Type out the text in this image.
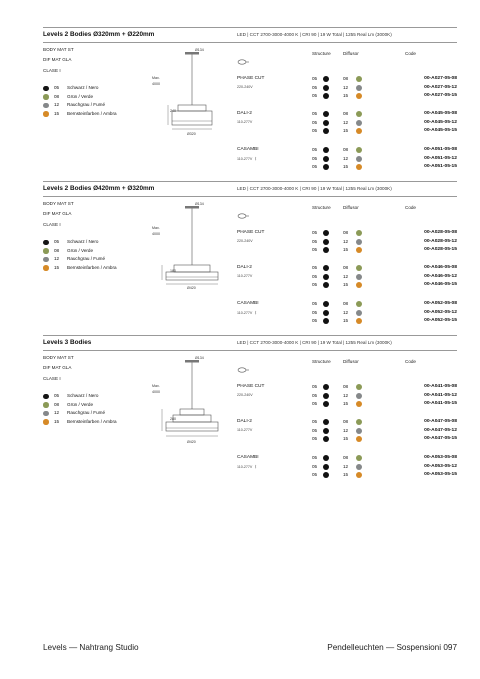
Levels 2 Bodies Ø320mm + Ø220mm	LED | CCT 2700-3000-4000 K | CRI 90 | 19 W Total | 1255 Real Lm (3000K)
BODY MAT ST
DIF MAT GLA
CLASE I
05 Schwarz / Nero
08 Grün / Verde
12 Rauchgrau / Fumé
15 Bernsteinfarben / Ambra
Ø134
Max.
4000
240
Ø320
Structure	Diffusor	Code
PHASE CUT
220-240V
05	08	00-A027-05-08
05	12	00-A027-05-12
05	15	00-A027-05-15
DALI-2
110-277V
05	08	00-A045-05-08
05	12	00-A045-05-12
05	15	00-A045-05-15
CASAMBI
110-277V ᛒ
05	08	00-A051-05-08
05	12	00-A051-05-12
05	15	00-A051-05-15
Levels 2 Bodies Ø420mm + Ø320mm	LED | CCT 2700-3000-4000 K | CRI 90 | 19 W Total | 1255 Real Lm (3000K)
BODY MAT ST
DIF MAT GLA
CLASE I
05 Schwarz / Nero
08 Grün / Verde
12 Rauchgrau / Fumé
15 Bernsteinfarben / Ambra
Ø134
Max.
4000
180
Ø420
Structure	Diffusor	Code
PHASE CUT
220-240V
05	08	00-A028-05-08
05	12	00-A028-05-12
05	15	00-A028-05-15
DALI-2
110-277V
05	08	00-A046-05-08
05	12	00-A046-05-12
05	15	00-A046-05-15
CASAMBI
110-277V ᛒ
05	08	00-A052-05-08
05	12	00-A052-05-12
05	15	00-A052-05-15
Levels 3 Bodies	LED | CCT 2700-3000-4000 K | CRI 90 | 19 W Total | 1255 Real Lm (3000K)
BODY MAT ST
DIF MAT GLA
CLASE I
05 Schwarz / Nero
08 Grün / Verde
12 Rauchgrau / Fumé
15 Bernsteinfarben / Ambra
Ø134
Max.
4000
280
Ø420
Structure	Diffusor	Code
PHASE CUT
220-240V
05	08	00-A041-05-08
05	12	00-A041-05-12
05	15	00-A041-05-15
DALI-2
110-277V
05	08	00-A047-05-08
05	12	00-A047-05-12
05	15	00-A047-05-15
CASAMBI
110-277V ᛒ
05	08	00-A053-05-08
05	12	00-A053-05-12
05	15	00-A053-05-15
Levels — Nahtrang Studio	Pendelleuchten — Sospensioni 097
